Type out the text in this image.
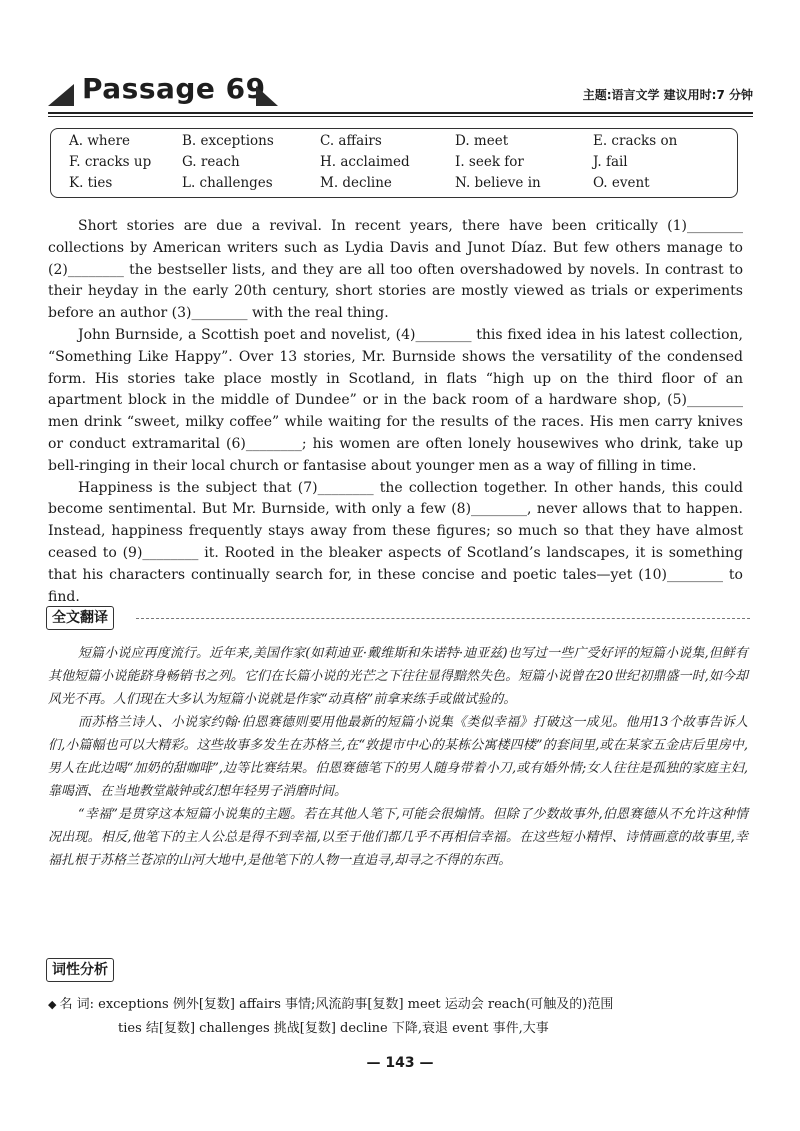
Passage 69	主题:语言文学 建议用时:7 分钟
A. where	B. exceptions	C. affairs	D. meet	E. cracks on
F. cracks up	G. reach	H. acclaimed	I. seek for	J. fail
K. ties	L. challenges	M. decline	N. believe in	O. event

Short stories are due a revival. In recent years, there have been critically (1)________ collections by American writers such as Lydia Davis and Junot Díaz. But few others manage to (2)________ the bestseller lists, and they are all too often overshadowed by novels. In contrast to their heyday in the early 20th century, short stories are mostly viewed as trials or experiments before an author (3)________ with the real thing.

John Burnside, a Scottish poet and novelist, (4)________ this fixed idea in his latest collection, “Something Like Happy”. Over 13 stories, Mr. Burnside shows the versatility of the condensed form. His stories take place mostly in Scotland, in flats “high up on the third floor of an apartment block in the middle of Dundee” or in the back room of a hardware shop, (5)________ men drink “sweet, milky coffee” while waiting for the results of the races. His men carry knives or conduct extramarital (6)________; his women are often lonely housewives who drink, take up bell-ringing in their local church or fantasise about younger men as a way of filling in time.

Happiness is the subject that (7)________ the collection together. In other hands, this could become sentimental. But Mr. Burnside, with only a few (8)________, never allows that to happen. Instead, happiness frequently stays away from these figures; so much so that they have almost ceased to (9)________ it. Rooted in the bleaker aspects of Scotland’s landscapes, it is something that his characters continually search for, in these concise and poetic tales—yet (10)________ to find.

全文翻译

短篇小说应再度流行。近年来,美国作家(如莉迪亚·戴维斯和朱诺特·迪亚兹)也写过一些广受好评的短篇小说集,但鲜有其他短篇小说能跻身畅销书之列。它们在长篇小说的光芒之下往往显得黯然失色。短篇小说曾在20世纪初鼎盛一时,如今却风光不再。人们现在大多认为短篇小说就是作家“动真格”前拿来练手或做试验的。

而苏格兰诗人、小说家约翰·伯恩赛德则要用他最新的短篇小说集《类似幸福》打破这一成见。他用13个故事告诉人们,小篇幅也可以大精彩。这些故事多发生在苏格兰,在“敦提市中心的某栋公寓楼四楼”的套间里,或在某家五金店后里房中,男人在此边喝“加奶的甜咖啡”,边等比赛结果。伯恩赛德笔下的男人随身带着小刀,或有婚外情;女人往往是孤独的家庭主妇,靠喝酒、在当地教堂敲钟或幻想年轻男子消磨时间。

“幸福”是贯穿这本短篇小说集的主题。若在其他人笔下,可能会很煽情。但除了少数故事外,伯恩赛德从不允许这种情况出现。相反,他笔下的主人公总是得不到幸福,以至于他们都几乎不再相信幸福。在这些短小精悍、诗情画意的故事里,幸福扎根于苏格兰苍凉的山河大地中,是他笔下的人物一直追寻,却寻之不得的东西。

词性分析
◆ 名 词: exceptions 例外[复数] affairs 事情;风流韵事[复数] meet 运动会 reach(可触及的)范围
ties 结[复数] challenges 挑战[复数] decline 下降,衰退 event 事件,大事
— 143 —
